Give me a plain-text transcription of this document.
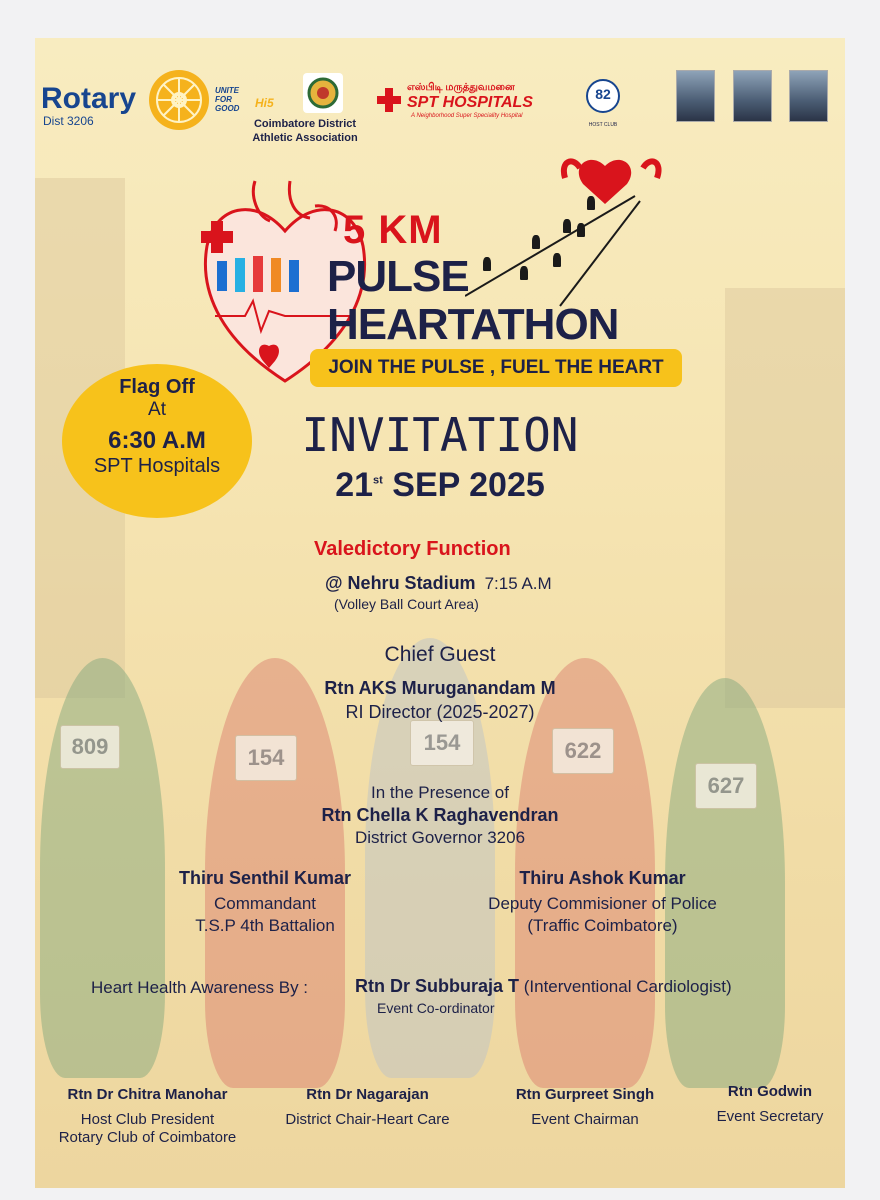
809	154
154	622
627
Rotary
Dist 3206
UNITE FOR GOOD	Hi5
Coimbatore District
Athletic Association
எஸ்பிடி மருத்துவமனை
SPT HOSPITALS
A Neighborhood Super Speciality Hospital
82
HOST CLUB
5 KM
PULSE
HEARTATHON
JOIN THE PULSE , FUEL THE HEART
Flag Off
At
6:30 A.M
SPT Hospitals
INVITATION
21st SEP 2025
Valedictory Function
@ Nehru Stadium 7:15 A.M
(Volley Ball Court Area)
Chief Guest
Rtn AKS Muruganandam M
RI Director (2025-2027)
In the Presence of
Rtn Chella K Raghavendran
District Governor 3206
Thiru Senthil Kumar
Commandant
T.S.P 4th Battalion
Thiru Ashok Kumar
Deputy Commisioner of Police
(Traffic Coimbatore)
Heart Health Awareness By :	Rtn Dr Subburaja T (Interventional Cardiologist)
Event Co-ordinator
Rtn Dr Chitra Manohar
Host Club President
Rotary Club of Coimbatore
Rtn Dr Nagarajan
District Chair-Heart Care
Rtn Gurpreet Singh
Event Chairman
Rtn Godwin
Event Secretary
